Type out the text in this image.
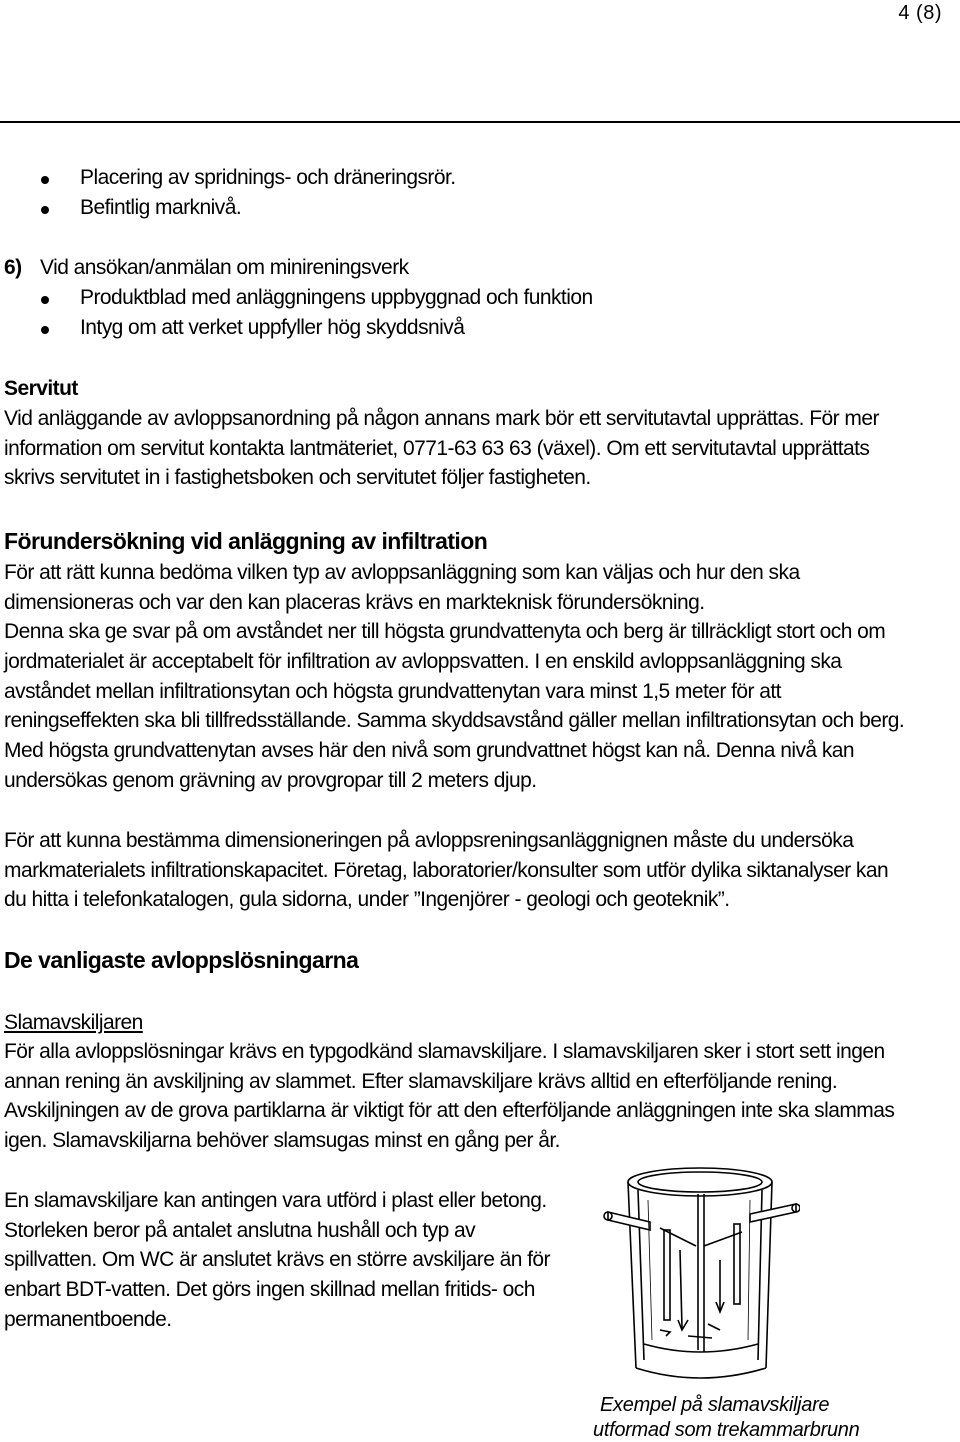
4 (8)
Placering av spridnings- och dräneringsrör.
Befintlig marknivå.
6) Vid ansökan/anmälan om minireningsverk
Produktblad med anläggningens uppbyggnad och funktion
Intyg om att verket uppfyller hög skyddsnivå
Servitut
Vid anläggande av avloppsanordning på någon annans mark bör ett servitutavtal upprättas. För mer
information om servitut kontakta lantmäteriet, 0771-63 63 63 (växel). Om ett servitutavtal upprättats
skrivs servitutet in i fastighetsboken och servitutet följer fastigheten.
Förundersökning vid anläggning av infiltration
För att rätt kunna bedöma vilken typ av avloppsanläggning som kan väljas och hur den ska
dimensioneras och var den kan placeras krävs en markteknisk förundersökning.
Denna ska ge svar på om avståndet ner till högsta grundvattenyta och berg är tillräckligt stort och om
jordmaterialet är acceptabelt för infiltration av avloppsvatten. I en enskild avloppsanläggning ska
avståndet mellan infiltrationsytan och högsta grundvattenytan vara minst 1,5 meter för att
reningseffekten ska bli tillfredsställande. Samma skyddsavstånd gäller mellan infiltrationsytan och berg.
Med högsta grundvattenytan avses här den nivå som grundvattnet högst kan nå. Denna nivå kan
undersökas genom grävning av provgropar till 2 meters djup.
För att kunna bestämma dimensioneringen på avloppsreningsanläggnignen måste du undersöka
markmaterialets infiltrationskapacitet. Företag, laboratorier/konsulter som utför dylika siktanalyser kan
du hitta i telefonkatalogen, gula sidorna, under ”Ingenjörer - geologi och geoteknik”.
De vanligaste avloppslösningarna
Slamavskiljaren
För alla avloppslösningar krävs en typgodkänd slamavskiljare. I slamavskiljaren sker i stort sett ingen
annan rening än avskiljning av slammet. Efter slamavskiljare krävs alltid en efterföljande rening.
Avskiljningen av de grova partiklarna är viktigt för att den efterföljande anläggningen inte ska slammas
igen. Slamavskiljarna behöver slamsugas minst en gång per år.
En slamavskiljare kan antingen vara utförd i plast eller betong.
Storleken beror på antalet anslutna hushåll och typ av
spillvatten. Om WC är anslutet krävs en större avskiljare än för
enbart BDT-vatten. Det görs ingen skillnad mellan fritids- och
permanentboende.
Exempel på slamavskiljare
utformad som trekammarbrunn
